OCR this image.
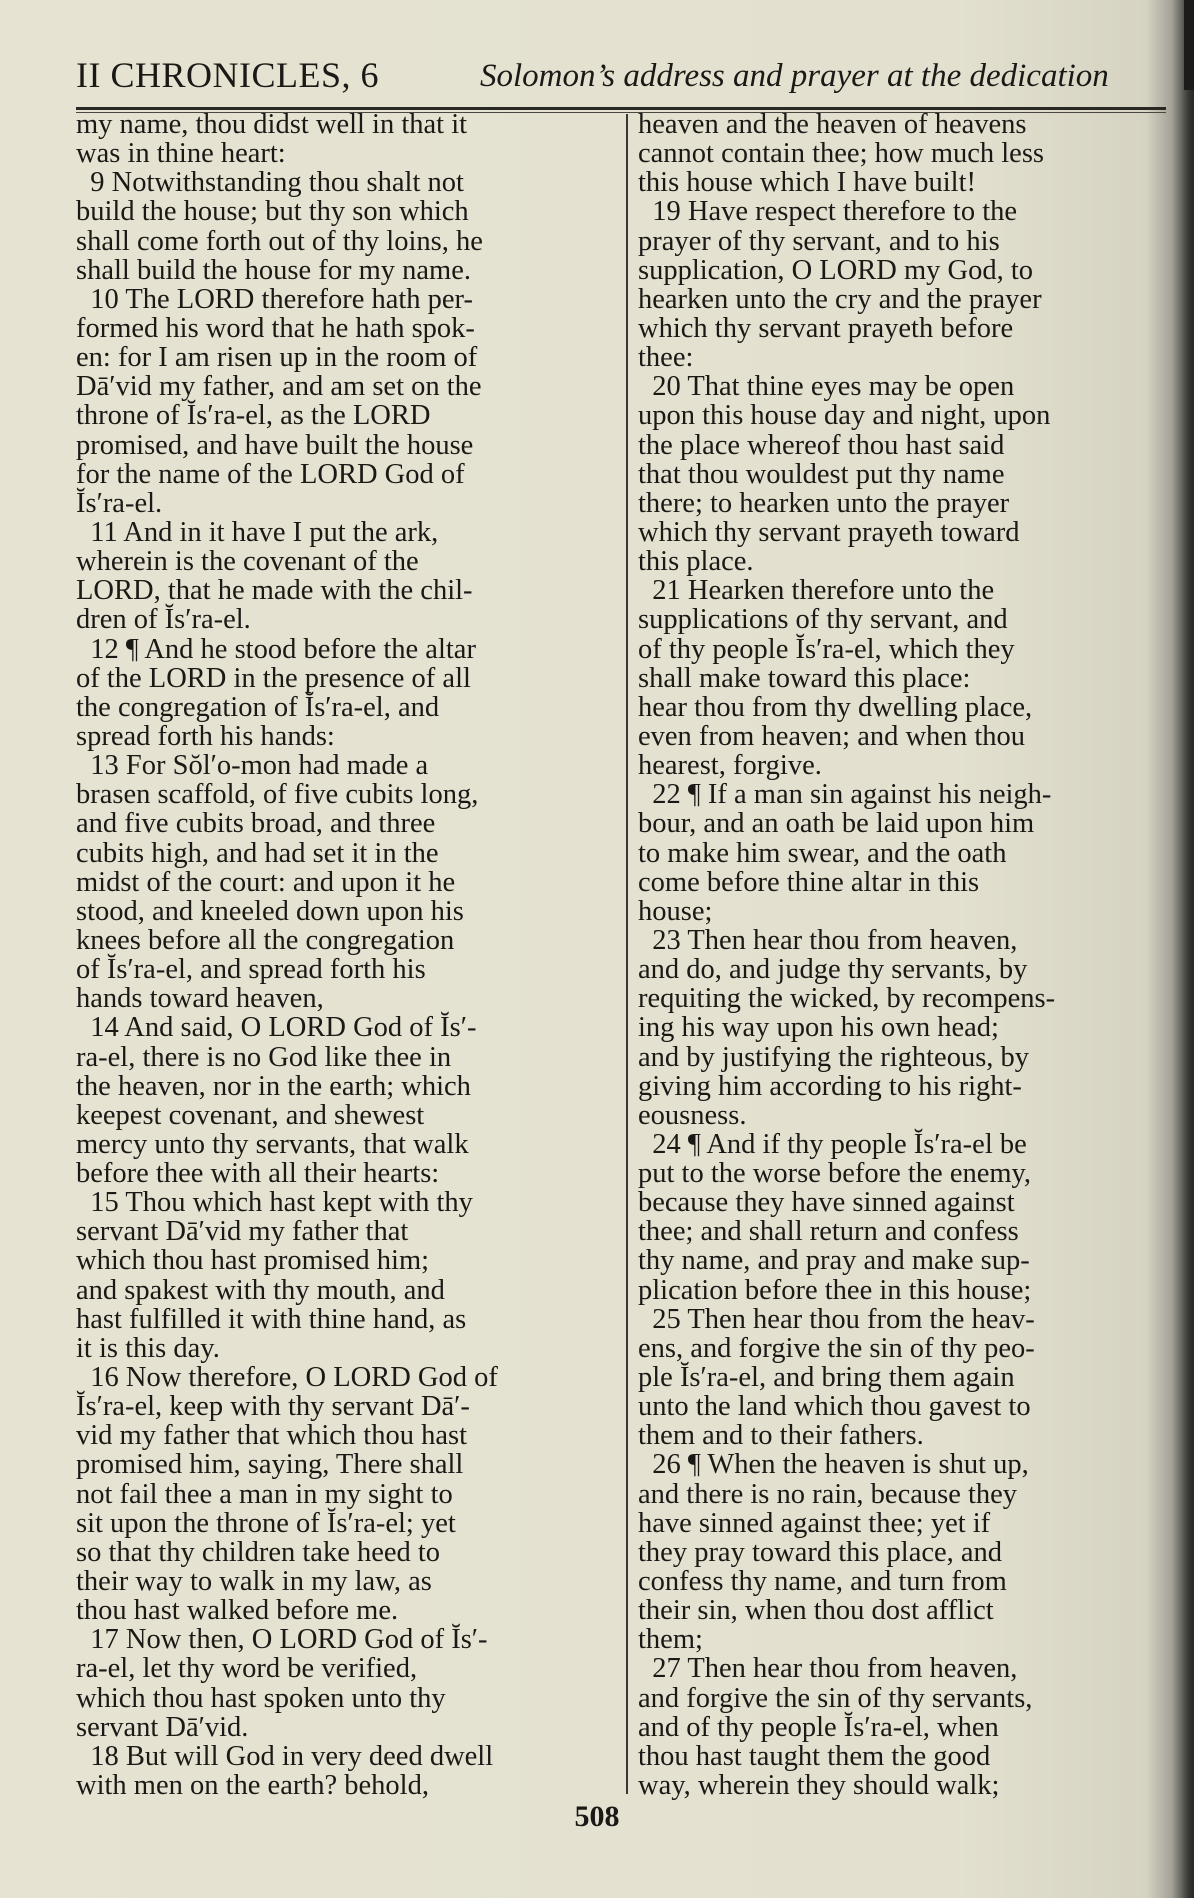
II CHRONICLES, 6	Solomon’s address and prayer at the dedication
my name, thou didst well in that it
was in thine heart:
9 Notwithstanding thou shalt not
build the house; but thy son which
shall come forth out of thy loins, he
shall build the house for my name.
10 The LORD therefore hath per-
formed his word that he hath spok-
en: for I am risen up in the room of
Dā′vid my father, and am set on the
throne of Ĭs′ra-el, as the LORD
promised, and have built the house
for the name of the LORD God of
Ĭs′ra-el.
11 And in it have I put the ark,
wherein is the covenant of the
LORD, that he made with the chil-
dren of Ĭs′ra-el.
12 ¶ And he stood before the altar
of the LORD in the presence of all
the congregation of Ĭs′ra-el, and
spread forth his hands:
13 For Sŏl′o-mon had made a
brasen scaffold, of five cubits long,
and five cubits broad, and three
cubits high, and had set it in the
midst of the court: and upon it he
stood, and kneeled down upon his
knees before all the congregation
of Ĭs′ra-el, and spread forth his
hands toward heaven,
14 And said, O LORD God of Ĭs′-
ra-el, there is no God like thee in
the heaven, nor in the earth; which
keepest covenant, and shewest
mercy unto thy servants, that walk
before thee with all their hearts:
15 Thou which hast kept with thy
servant Dā′vid my father that
which thou hast promised him;
and spakest with thy mouth, and
hast fulfilled it with thine hand, as
it is this day.
16 Now therefore, O LORD God of
Ĭs′ra-el, keep with thy servant Dā′-
vid my father that which thou hast
promised him, saying, There shall
not fail thee a man in my sight to
sit upon the throne of Ĭs′ra-el; yet
so that thy children take heed to
their way to walk in my law, as
thou hast walked before me.
17 Now then, O LORD God of Ĭs′-
ra-el, let thy word be verified,
which thou hast spoken unto thy
servant Dā′vid.
18 But will God in very deed dwell
with men on the earth? behold,
heaven and the heaven of heavens
cannot contain thee; how much less
this house which I have built!
19 Have respect therefore to the
prayer of thy servant, and to his
supplication, O LORD my God, to
hearken unto the cry and the prayer
which thy servant prayeth before
thee:
20 That thine eyes may be open
upon this house day and night, upon
the place whereof thou hast said
that thou wouldest put thy name
there; to hearken unto the prayer
which thy servant prayeth toward
this place.
21 Hearken therefore unto the
supplications of thy servant, and
of thy people Ĭs′ra-el, which they
shall make toward this place:
hear thou from thy dwelling place,
even from heaven; and when thou
hearest, forgive.
22 ¶ If a man sin against his neigh-
bour, and an oath be laid upon him
to make him swear, and the oath
come before thine altar in this
house;
23 Then hear thou from heaven,
and do, and judge thy servants, by
requiting the wicked, by recompens-
ing his way upon his own head;
and by justifying the righteous, by
giving him according to his right-
eousness.
24 ¶ And if thy people Ĭs′ra-el be
put to the worse before the enemy,
because they have sinned against
thee; and shall return and confess
thy name, and pray and make sup-
plication before thee in this house;
25 Then hear thou from the heav-
ens, and forgive the sin of thy peo-
ple Ĭs′ra-el, and bring them again
unto the land which thou gavest to
them and to their fathers.
26 ¶ When the heaven is shut up,
and there is no rain, because they
have sinned against thee; yet if
they pray toward this place, and
confess thy name, and turn from
their sin, when thou dost afflict
them;
27 Then hear thou from heaven,
and forgive the sin of thy servants,
and of thy people Ĭs′ra-el, when
thou hast taught them the good
way, wherein they should walk;
508
